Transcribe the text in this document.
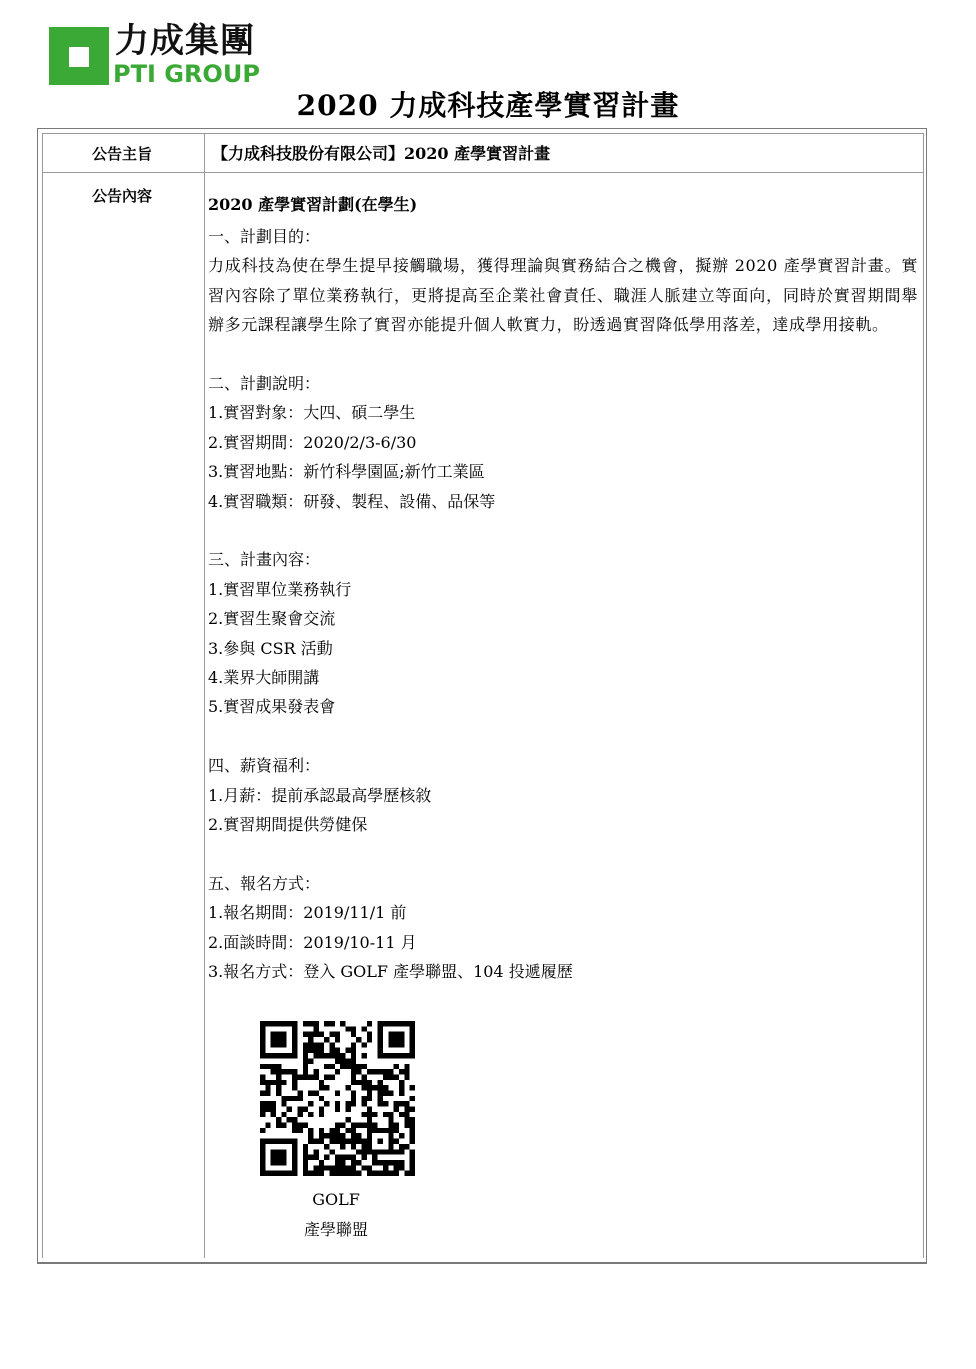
力成集團
PTI GROUP
2020 力成科技產學實習計畫
公告主旨	【力成科技股份有限公司】2020 產學實習計畫
公告內容	2020 產學實習計劃(在學生)

一、計劃目的：

力成科技為使在學生提早接觸職場，獲得理論與實務結合之機會，擬辦 2020 產學實習計畫。實習內容除了單位業務執行，更將提高至企業社會責任、職涯人脈建立等面向，同時於實習期間舉辦多元課程讓學生除了實習亦能提升個人軟實力，盼透過實習降低學用落差，達成學用接軌。

二、計劃說明：

1.實習對象：大四、碩二學生

2.實習期間：2020/2/3-6/30

3.實習地點：新竹科學園區;新竹工業區

4.實習職類：研發、製程、設備、品保等

三、計畫內容：

1.實習單位業務執行

2.實習生聚會交流

3.參與 CSR 活動

4.業界大師開講

5.實習成果發表會

四、薪資福利：

1.月薪：提前承認最高學歷核敘

2.實習期間提供勞健保

五、報名方式：

1.報名期間：2019/11/1 前

2.面談時間：2019/10-11 月

3.報名方式：登入 GOLF 產學聯盟、104 投遞履歷

GOLF
產學聯盟
